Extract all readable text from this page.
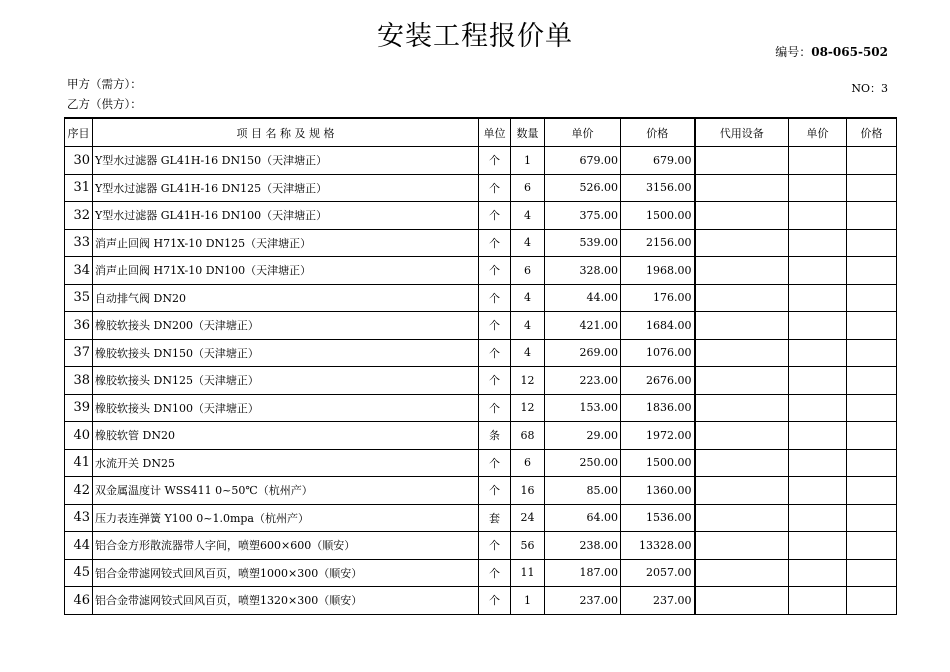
安装工程报价单	编号：08-065-502
NO：3
甲方（需方）：
乙方（供方）：
序目	项 目 名 称 及 规 格	单位	数量	单价	价格	代用设备	单价	价格
30	Y型水过滤器 GL41H-16 DN150（天津塘正）	个	1	679.00	679.00			
31	Y型水过滤器 GL41H-16 DN125（天津塘正）	个	6	526.00	3156.00			
32	Y型水过滤器 GL41H-16 DN100（天津塘正）	个	4	375.00	1500.00			
33	消声止回阀 H71X-10 DN125（天津塘正）	个	4	539.00	2156.00			
34	消声止回阀 H71X-10 DN100（天津塘正）	个	6	328.00	1968.00			
35	自动排气阀 DN20	个	4	44.00	176.00			
36	橡胶软接头 DN200（天津塘正）	个	4	421.00	1684.00			
37	橡胶软接头 DN150（天津塘正）	个	4	269.00	1076.00			
38	橡胶软接头 DN125（天津塘正）	个	12	223.00	2676.00			
39	橡胶软接头 DN100（天津塘正）	个	12	153.00	1836.00			
40	橡胶软管 DN20	条	68	29.00	1972.00			
41	水流开关 DN25	个	6	250.00	1500.00			
42	双金属温度计 WSS411 0~50℃（杭州产）	个	16	85.00	1360.00			
43	压力表连弹簧 Y100 0~1.0mpa（杭州产）	套	24	64.00	1536.00			
44	铝合金方形散流器带人字间，喷塑600×600（顺安）	个	56	238.00	13328.00			
45	铝合金带滤网铰式回风百页，喷塑1000×300（顺安）	个	11	187.00	2057.00			
46	铝合金带滤网铰式回风百页，喷塑1320×300（顺安）	个	1	237.00	237.00			
